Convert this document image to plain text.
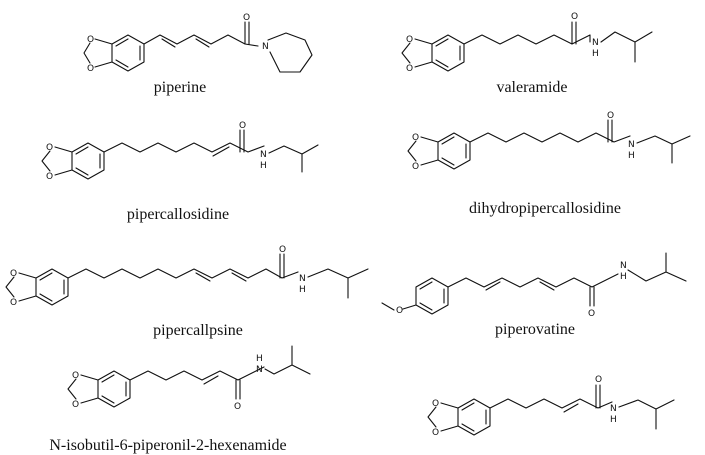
O
O
O
N
piperine
O
O
O
N
H
valeramide
O
O
O
N
H
pipercallosidine
O
O
O
N
H
dihydropipercallosidine
O
O
O
N
H
pipercallpsine
O	O
N
H
piperovatine
O
O	O
H
N
N-isobutil-6-piperonil-2-hexenamide
O
O
O
N
H
